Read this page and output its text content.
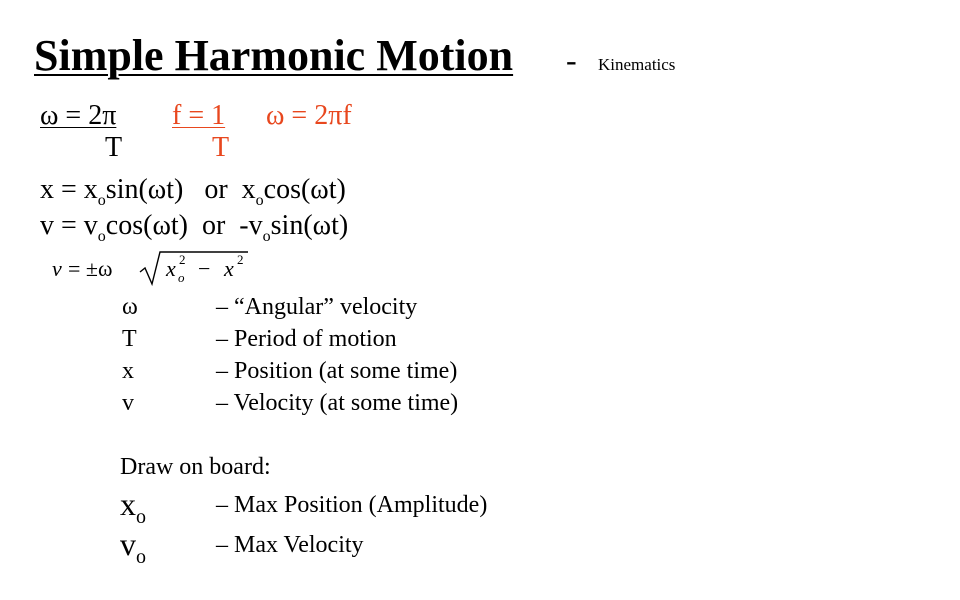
Simple Harmonic Motion - Kinematics
ω = 2π
T
f = 1
T
ω = 2πf
$x = x_o\sin(\omega t)$   or  $x_o\cos(\omega t)$
$v = v_o\cos(\omega t)$  or  $-v_o\sin(\omega t)$
v = ±ω x o
2 − x 2
ω	– “Angular” velocity
T	– Period of motion
x	– Position (at some time)
v	– Velocity (at some time)
Draw on board:
$x_o$	– Max Position (Amplitude)
$v_o$	– Max Velocity
